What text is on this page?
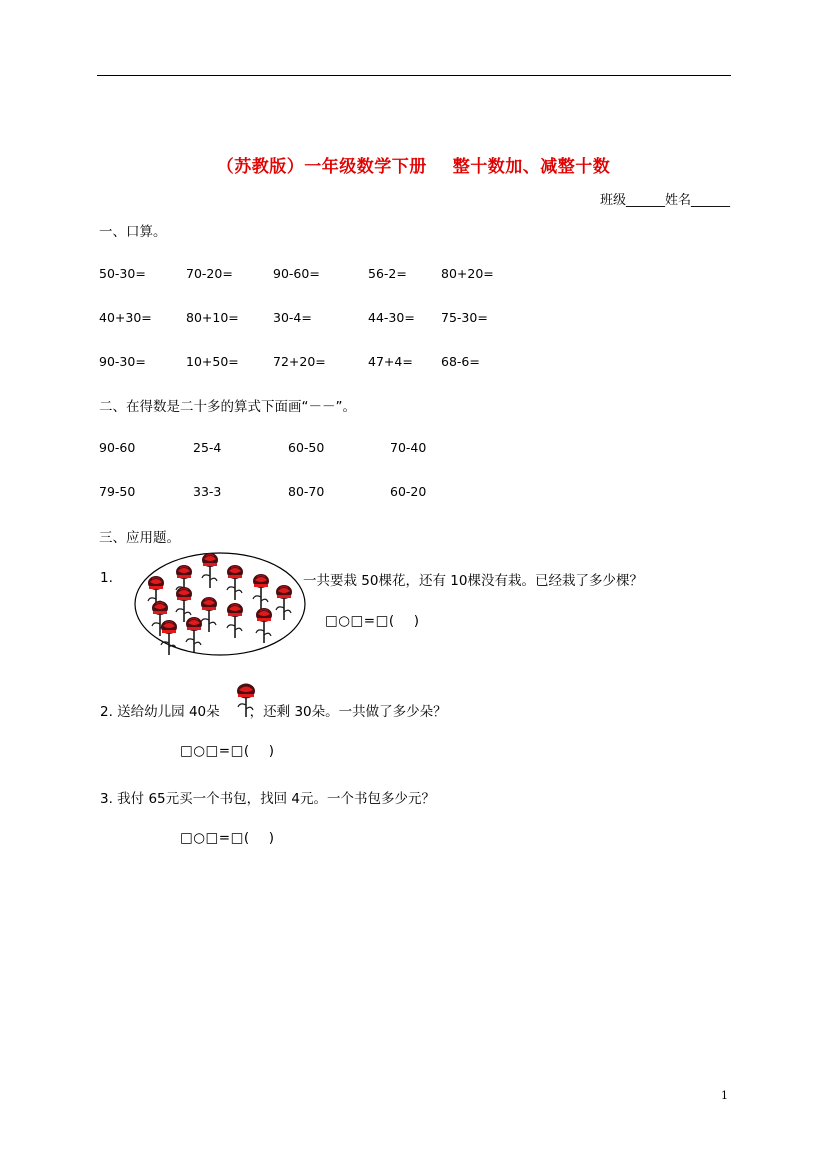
（苏教版）一年级数学下册 整十数加、减整十数
班级______姓名______
一、口算。
50-30=	70-20=	90-60=	56-2=	80+20=
40+30=	80+10=	30-4=	44-30= 75-30=
90-30=	10+50=	72+20=	47+4= 68-6=
二、在得数是二十多的算式下面画“－－”。
90-60	25-4	60-50	70-40
79-50	33-3	80-70	60-20
三、应用题。
1.	一共要栽 50棵花，还有 10棵没有栽。已经栽了多少棵？
□○□=□(    )
2. 送给幼儿园 40朵 ，还剩 30朵。一共做了多少朵？
□○□=□(    )
3. 我付 65元买一个书包，找回 4元。一个书包多少元？
□○□=□(    )
1
